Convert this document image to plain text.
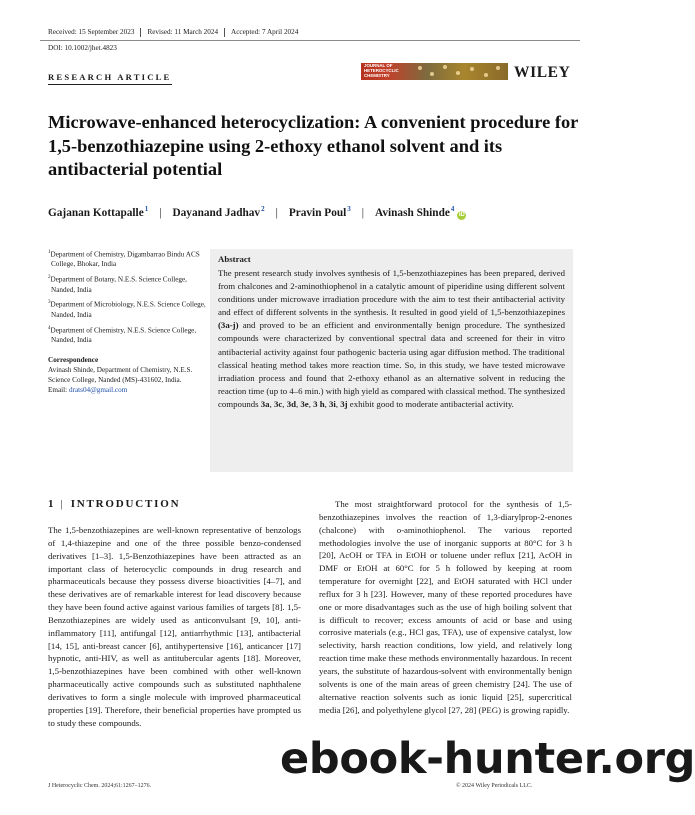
Received: 15 September 2023	Revised: 11 March 2024	Accepted: 7 April 2024
DOI: 10.1002/jhet.4823
RESEARCH ARTICLE
JOURNAL OF HETEROCYCLIC CHEMISTRY	WILEY
Microwave-enhanced heterocyclization: A convenient procedure for 1,5-benzothiazepine using 2-ethoxy ethanol solvent and its antibacterial potential
Gajanan Kottapalle$^1$ | Dayanand Jadhav$^2$ | Pravin Poul$^3$ | Avinash Shinde$^4$
iD
$^1$Department of Chemistry, Digambarrao Bindu ACS College, Bhokar, India
$^2$Department of Botany, N.E.S. Science College, Nanded, India
$^3$Department of Microbiology, N.E.S. Science College, Nanded, India
$^4$Department of Chemistry, N.E.S. Science College, Nanded, India
Correspondence
Avinash Shinde, Department of Chemistry, N.E.S. Science College, Nanded (MS)-431602, India.
Email: drats04@gmail.com
Abstract

The present research study involves synthesis of 1,5-benzothiazepines has been prepared, derived from chalcones and 2-aminothiophenol in a catalytic amount of piperidine using different solvent conditions under microwave irradiation procedure with the aim to test their antibacterial activity and effect of different solvents in the synthesis. It resulted in good yield of 1,5-benzothiazepines (3a-j) and proved to be an efficient and environmentally benign procedure. The synthesized compounds were characterized by conventional spectral data and screened for their in vitro antibacterial activity against four pathogenic bacteria using agar diffusion method. The traditional classical heating method takes more reaction time. So, in this study, we have tested microwave irradiation process and found that 2-ethoxy ethanol as an alternative solvent in reducing the reaction time (up to 4–6 min.) with high yield as compared with classical method. The synthesized compounds 3a, 3c, 3d, 3e, 3 h, 3i, 3j exhibit good to moderate antibacterial activity.

1 | INTRODUCTION

The 1,5-benzothiazepines are well-known representative of benzologs of 1,4-thiazepine and one of the three possible benzo-condensed derivatives [1–3]. 1,5-Benzothiazepines have been attracted as an important class of heterocyclic compounds in drug research and pharmaceuticals because they possess diverse bioactivities [4–7], and these derivatives are of remarkable interest for lead discovery because they have been found active against various families of targets [8]. 1,5-Benzothiazepines are widely used as anticonvulsant [9, 10], anti-inflammatory [11], antifungal [12], antiarrhythmic [13], antibacterial [14, 15], anti-breast cancer [6], antihypertensive [16], anticancer [17] hypnotic, anti-HIV, as well as antitubercular agents [18]. Moreover, 1,5-benzothiazepines have been combined with other well-known pharmaceutically active compounds such as substituted naphthalene derivatives to form a single molecule with improved pharmaceutical properties [19]. Therefore, their beneficial properties have prompted us to study these compounds.

The most straightforward protocol for the synthesis of 1,5-benzothiazepines involves the reaction of 1,3-diarylprop-2-enones (chalcone) with o-aminothiophenol. The various reported methodologies involve the use of inorganic supports at 80°C for 3 h [20], AcOH or TFA in EtOH or toluene under reflux [21], AcOH in DMF or EtOH at 60°C for 5 h followed by keeping at room temperature for overnight [22], and EtOH saturated with HCl under reflux for 3 h [23]. However, many of these reported procedures have one or more disadvantages such as the use of high boiling solvent that is difficult to recover; excess amounts of acid or base and using corrosive materials (e.g., HCl gas, TFA), use of expensive catalyst, low selectivity, harsh reaction conditions, low yield, and relatively long reaction time make these methods environmentally hazardous. In recent years, the substitute of hazardous-solvent with environmentally benign solvents is one of the main areas of green chemistry [24]. The use of alternative reaction solvents such as ionic liquid [25], supercritical media [26], and polyethylene glycol [27, 28] (PEG) is growing rapidly.

J Heterocyclic Chem. 2024;61:1267–1276.	© 2024 Wiley Periodicals LLC.
ebook-hunter.org
